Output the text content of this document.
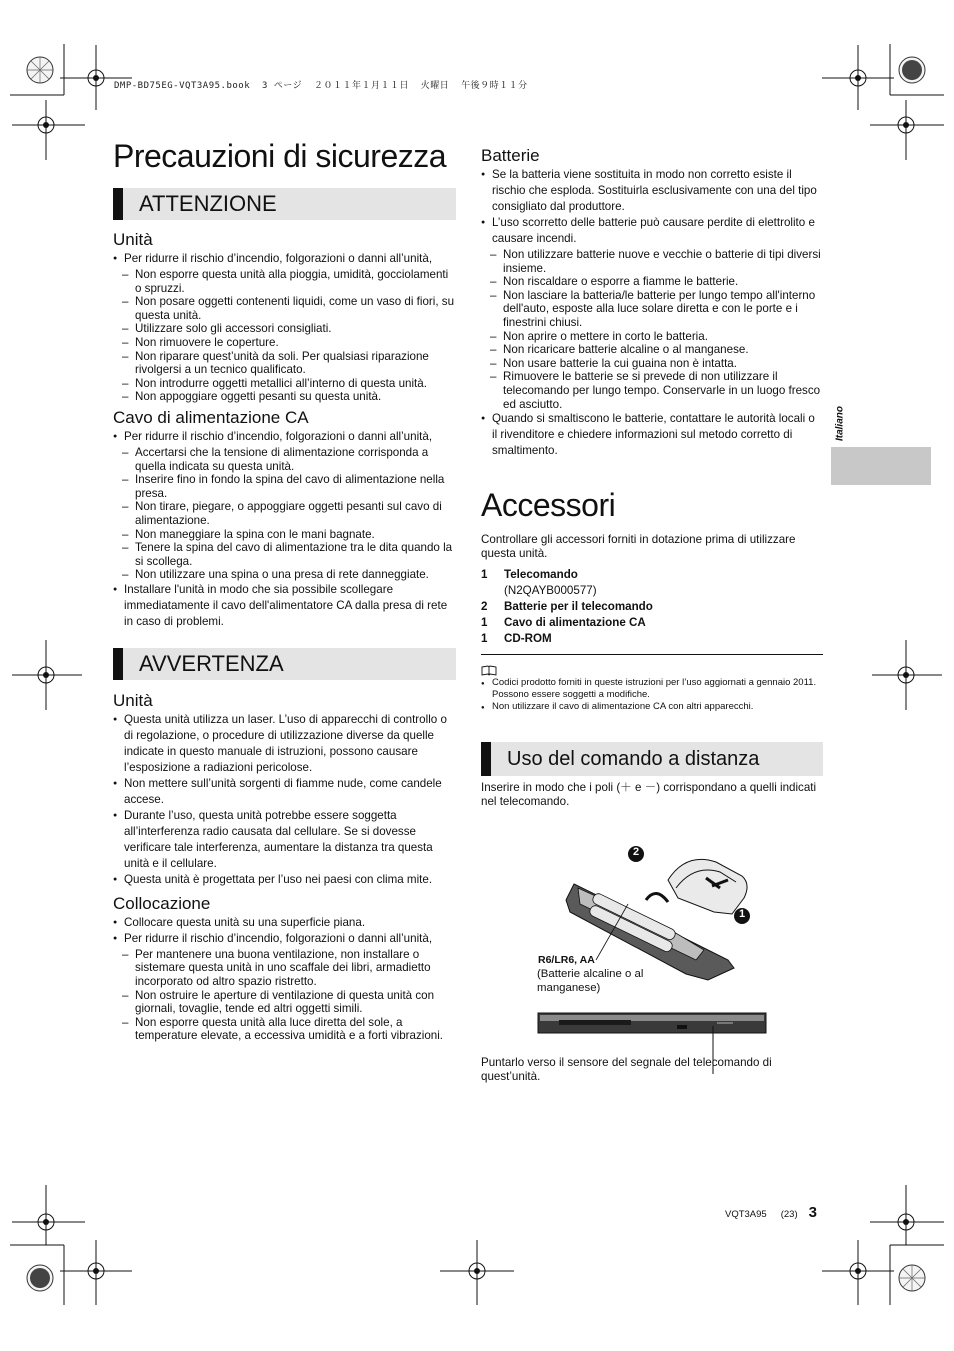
DMP-BD75EG-VQT3A95.book  3 ページ  ２０１１年１月１１日  火曜日  午後９時１１分
Italiano
Precauzioni di sicurezza
ATTENZIONE
Unità
● Per ridurre il rischio d’incendio, folgorazioni o danni all’unità,
– Non esporre questa unità alla pioggia, umidità, gocciolamenti o spruzzi.
– Non posare oggetti contenenti liquidi, come un vaso di fiori, su questa unità.
– Utilizzare solo gli accessori consigliati.
– Non rimuovere le coperture.
– Non riparare quest’unità da soli. Per qualsiasi riparazione rivolgersi a un tecnico qualificato.
– Non introdurre oggetti metallici all’interno di questa unità.
– Non appoggiare oggetti pesanti su questa unità.
Cavo di alimentazione CA
● Per ridurre il rischio d’incendio, folgorazioni o danni all’unità,
– Accertarsi che la tensione di alimentazione corrisponda a quella indicata su questa unità.
– Inserire fino in fondo la spina del cavo di alimentazione nella presa.
– Non tirare, piegare, o appoggiare oggetti pesanti sul cavo di alimentazione.
– Non maneggiare la spina con le mani bagnate.
– Tenere la spina del cavo di alimentazione tra le dita quando la si scollega.
– Non utilizzare una spina o una presa di rete danneggiate.
● Installare l'unità in modo che sia possibile scollegare immediatamente il cavo dell'alimentatore CA dalla presa di rete in caso di problemi.
AVVERTENZA
Unità
● Questa unità utilizza un laser. L’uso di apparecchi di controllo o di regolazione, o procedure di utilizzazione diverse da quelle indicate in questo manuale di istruzioni, possono causare l’esposizione a radiazioni pericolose.
● Non mettere sull’unità sorgenti di fiamme nude, come candele accese.
● Durante l’uso, questa unità potrebbe essere soggetta all’interferenza radio causata dal cellulare. Se si dovesse verificare tale interferenza, aumentare la distanza tra questa unità e il cellulare.
● Questa unità è progettata per l’uso nei paesi con clima mite.
Collocazione
● Collocare questa unità su una superficie piana.
● Per ridurre il rischio d’incendio, folgorazioni o danni all’unità,
– Per mantenere una buona ventilazione, non installare o sistemare questa unità in uno scaffale dei libri, armadietto incorporato od altro spazio ristretto.
– Non ostruire le aperture di ventilazione di questa unità con giornali, tovaglie, tende ed altri oggetti simili.
– Non esporre questa unità alla luce diretta del sole, a temperature elevate, a eccessiva umidità e a forti vibrazioni.
Batterie
● Se la batteria viene sostituita in modo non corretto esiste il rischio che esploda. Sostituirla esclusivamente con una del tipo consigliato dal produttore.
● L’uso scorretto delle batterie può causare perdite di elettrolito e causare incendi.
– Non utilizzare batterie nuove e vecchie o batterie di tipi diversi insieme.
– Non riscaldare o esporre a fiamme le batterie.
– Non lasciare la batteria/le batterie per lungo tempo all'interno dell'auto, esposte alla luce solare diretta e con le porte e i finestrini chiusi.
– Non aprire o mettere in corto le batteria.
– Non ricaricare batterie alcaline o al manganese.
– Non usare batterie la cui guaina non è intatta.
– Rimuovere le batterie se si prevede di non utilizzare il telecomando per lungo tempo. Conservarle in un luogo fresco ed asciutto.
● Quando si smaltiscono le batterie, contattare le autorità locali o il rivenditore e chiedere informazioni sul metodo corretto di smaltimento.
Accessori
Controllare gli accessori forniti in dotazione prima di utilizzare questa unità.
1	Telecomando
(N2QAYB000577)
2	Batterie per il telecomando
1	Cavo di alimentazione CA
1	CD-ROM
● Codici prodotto forniti in queste istruzioni per l’uso aggiornati a gennaio 2011. Possono essere soggetti a modifiche.
● Non utilizzare il cavo di alimentazione CA con altri apparecchi.
Uso del comando a distanza
Inserire in modo che i poli (＋ e －) corrispondano a quelli indicati nel telecomando.
2
1
R6/LR6, AA
(Batterie alcaline o al manganese)
Puntarlo verso il sensore del segnale del telecomando di quest’unità.
VQT3A95 (23) 3
